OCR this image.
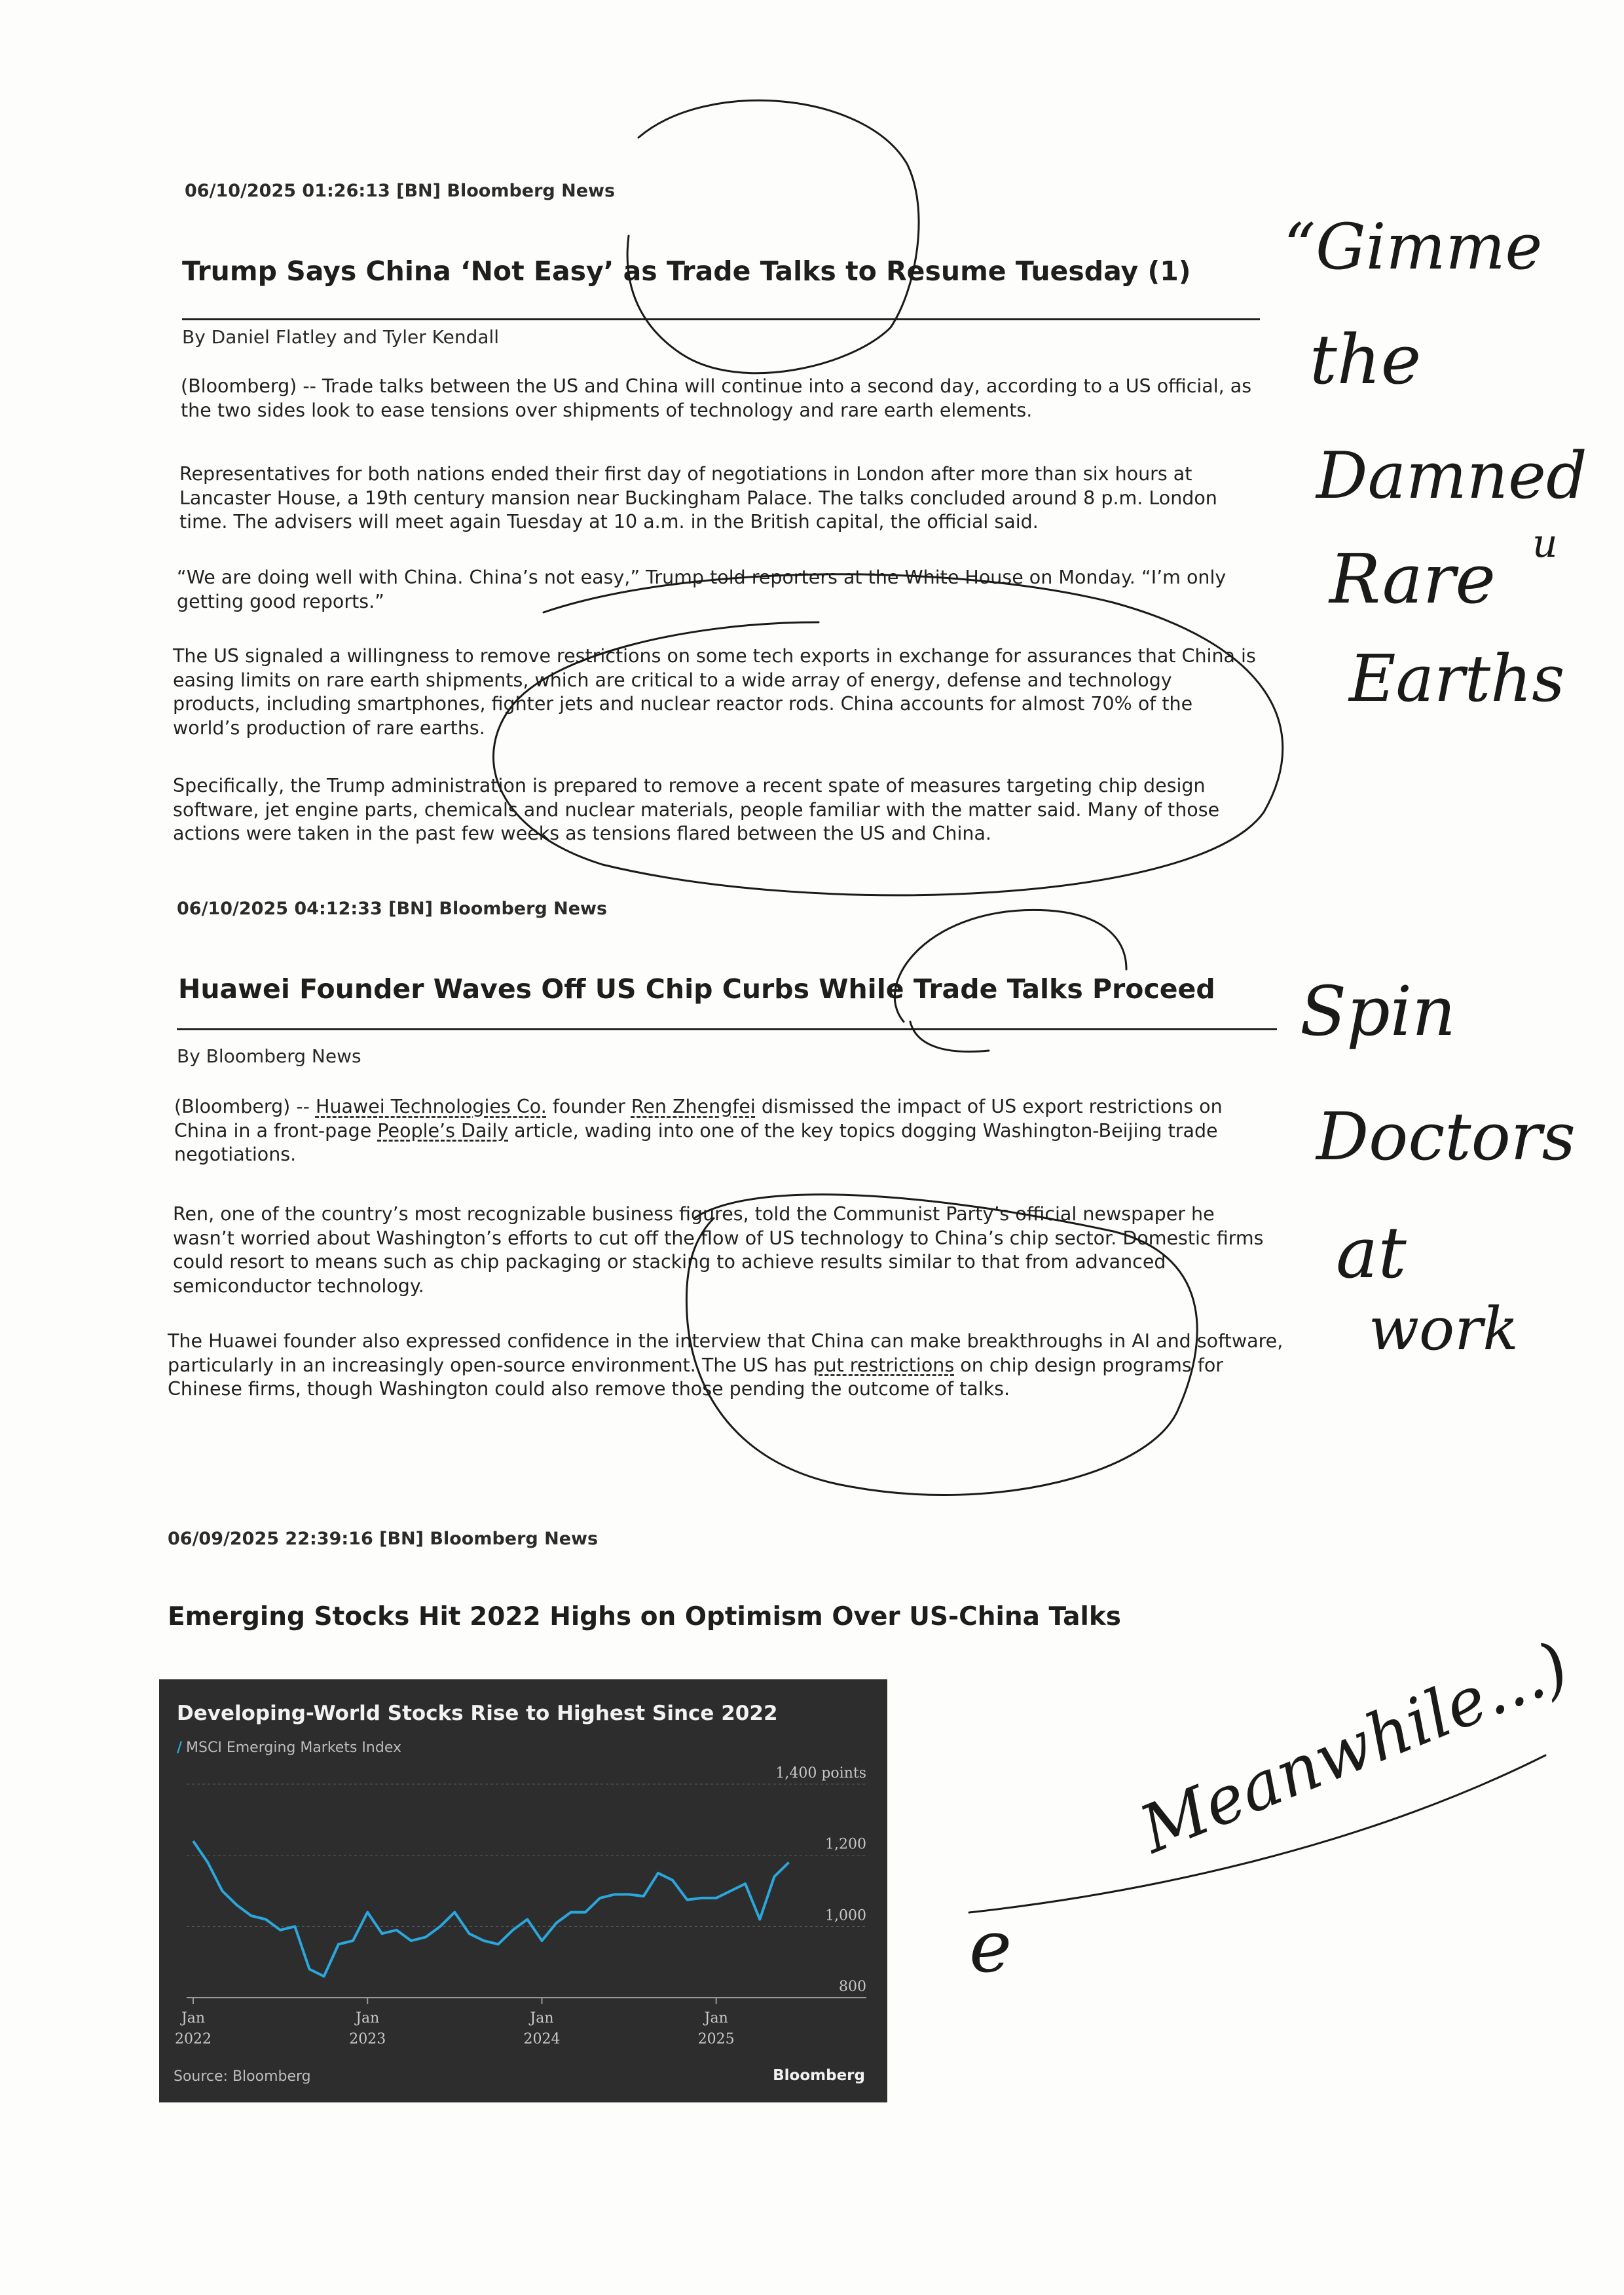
06/10/2025 01:26:13 [BN] Bloomberg News
Trump Says China ‘Not Easy’ as Trade Talks to Resume Tuesday (1)
By Daniel Flatley and Tyler Kendall

(Bloomberg) -- Trade talks between the US and China will continue into a second day, according to a US official, as the two sides look to ease tensions over shipments of technology and rare earth elements.

Representatives for both nations ended their first day of negotiations in London after more than six hours at Lancaster House, a 19th century mansion near Buckingham Palace. The talks concluded around 8 p.m. London time. The advisers will meet again Tuesday at 10 a.m. in the British capital, the official said.

“We are doing well with China. China’s not easy,” Trump told reporters at the White House on Monday. “I’m only getting good reports.”

The US signaled a willingness to remove restrictions on some tech exports in exchange for assurances that China is easing limits on rare earth shipments, which are critical to a wide array of energy, defense and technology products, including smartphones, fighter jets and nuclear reactor rods. China accounts for almost 70% of the world’s production of rare earths.

Specifically, the Trump administration is prepared to remove a recent spate of measures targeting chip design software, jet engine parts, chemicals and nuclear materials, people familiar with the matter said. Many of those actions were taken in the past few weeks as tensions flared between the US and China.

06/10/2025 04:12:33 [BN] Bloomberg News
Huawei Founder Waves Off US Chip Curbs While Trade Talks Proceed
By Bloomberg News

(Bloomberg) -- Huawei Technologies Co. founder Ren Zhengfei dismissed the impact of US export restrictions on China in a front-page People’s Daily article, wading into one of the key topics dogging Washington-Beijing trade negotiations.

Ren, one of the country’s most recognizable business figures, told the Communist Party’s official newspaper he wasn’t worried about Washington’s efforts to cut off the flow of US technology to China’s chip sector. Domestic firms could resort to means such as chip packaging or stacking to achieve results similar to that from advanced semiconductor technology.

The Huawei founder also expressed confidence in the interview that China can make breakthroughs in AI and software, particularly in an increasingly open-source environment. The US has put restrictions on chip design programs for Chinese firms, though Washington could also remove those pending the outcome of talks.

06/09/2025 22:39:16 [BN] Bloomberg News
Emerging Stocks Hit 2022 Highs on Optimism Over US-China Talks
Developing-World Stocks Rise to Highest Since 2022
/ MSCI Emerging Markets Index
1,400 points
1,200
1,000
800
Jan
2022
Jan
2023
Jan
2024
Jan
2025
Source: Bloomberg	Bloomberg
“Gimme
the
Damned
Rare u
Earths
Spin
Doctors
at
work
Meanwhile...)
e
